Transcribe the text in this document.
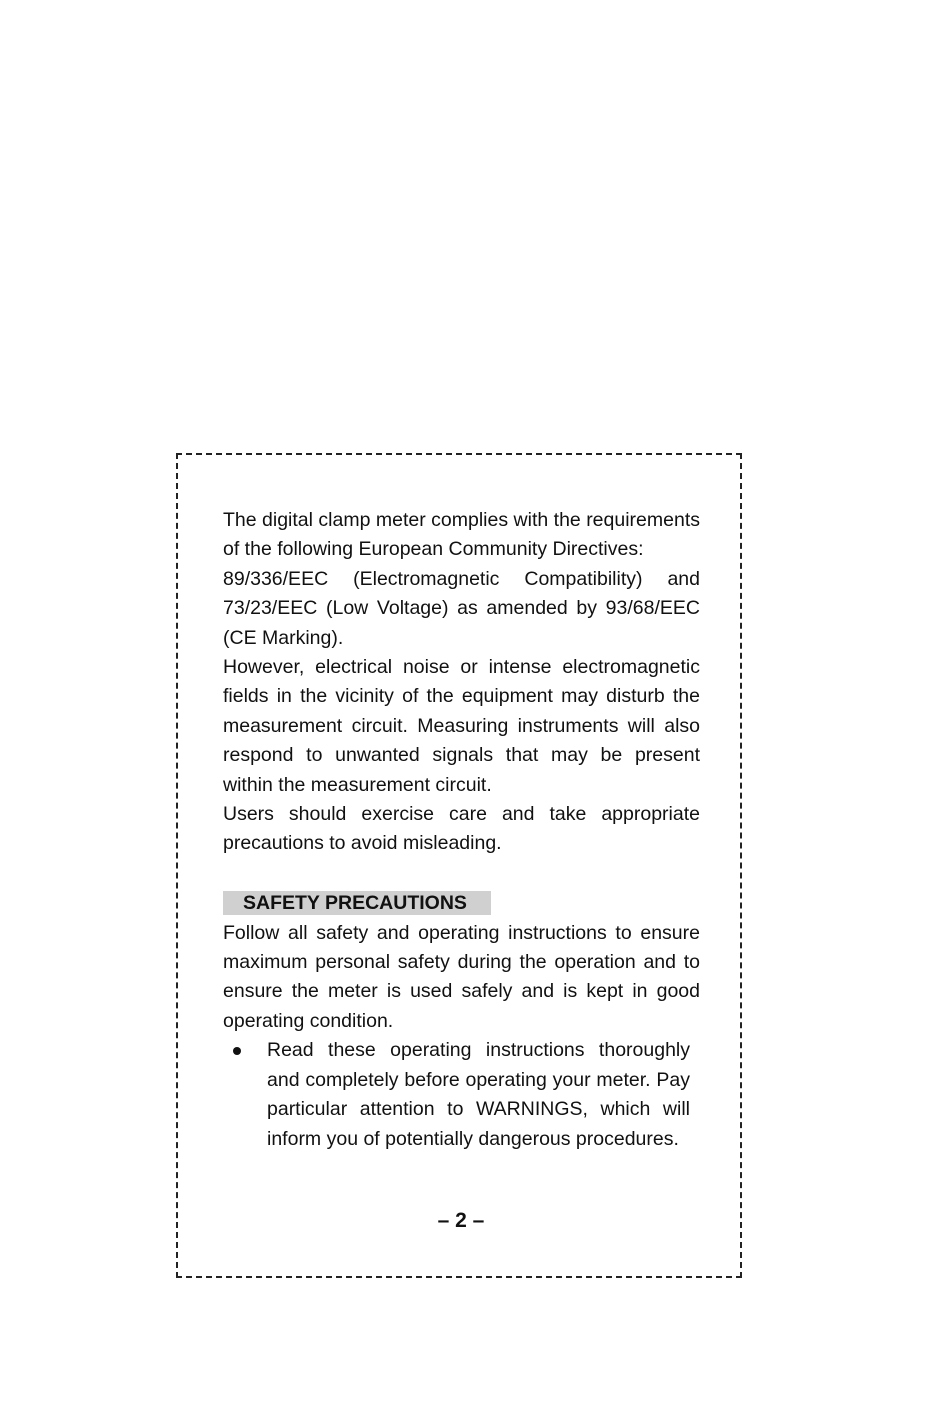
The digital clamp meter complies with the requirements of the following European Community Directives:

89/336/EEC (Electromagnetic Compatibility) and 73/23/EEC (Low Voltage) as amended by 93/68/EEC (CE Marking).

However, electrical noise or intense electromagnetic fields in the vicinity of the equipment may disturb the measurement circuit. Measuring instruments will also respond to unwanted signals that may be present within the measurement circuit.

Users should exercise care and take appropriate precautions to avoid misleading.

SAFETY PRECAUTIONS

Follow all safety and operating instructions to ensure maximum personal safety during the operation and to ensure the meter is used safely and is kept in good operating condition.

Read these operating instructions thoroughly and completely before operating your meter. Pay particular attention to WARNINGS, which will inform you of potentially dangerous procedures.
– 2 –
